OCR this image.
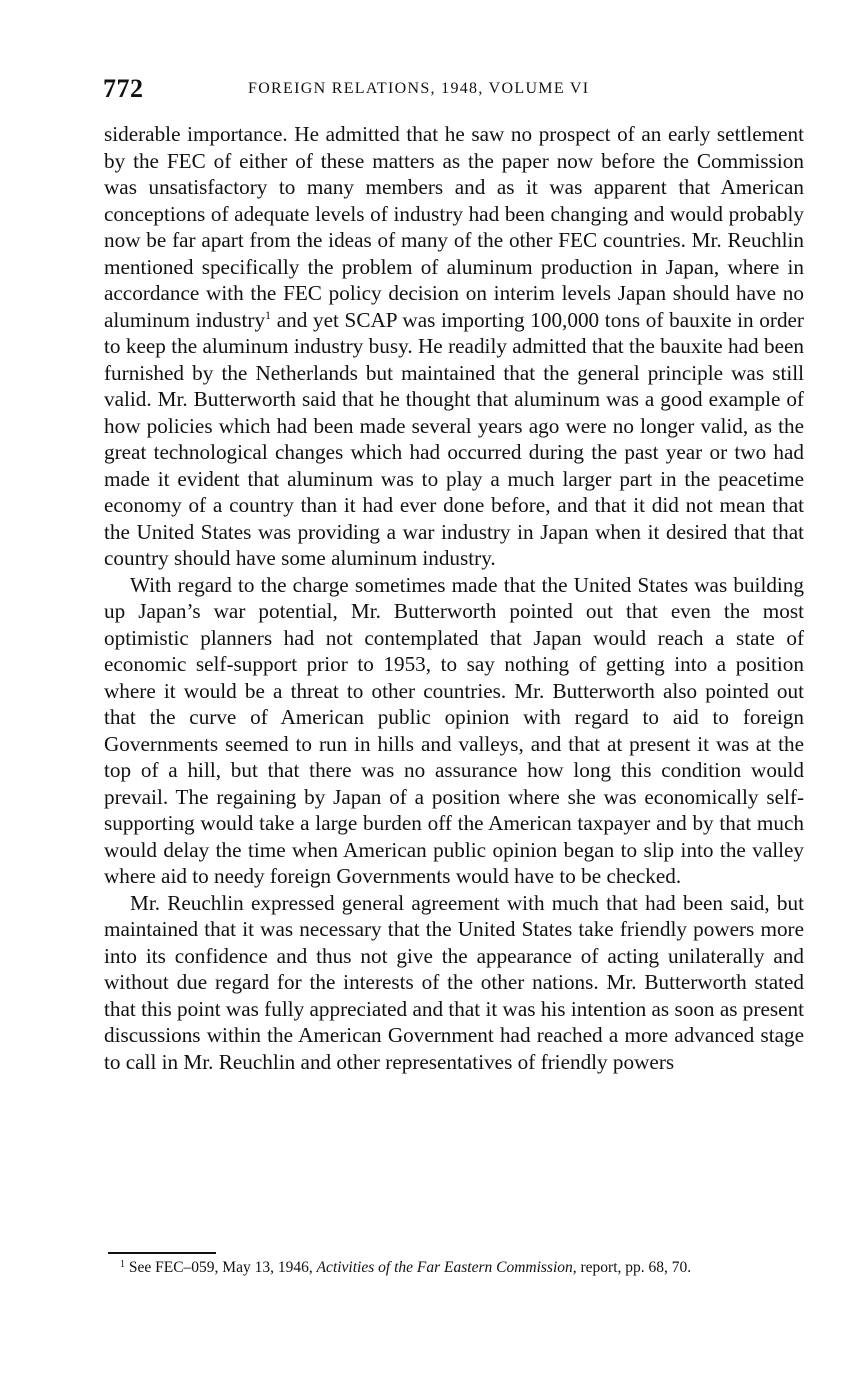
772	FOREIGN RELATIONS, 1948, VOLUME VI

siderable importance. He admitted that he saw no prospect of an early settlement by the FEC of either of these matters as the paper now before the Commission was unsatisfactory to many members and as it was apparent that American conceptions of adequate levels of industry had been changing and would probably now be far apart from the ideas of many of the other FEC countries. Mr. Reuchlin mentioned specifically the problem of aluminum production in Japan, where in accordance with the FEC policy decision on interim levels Japan should have no aluminum industry$^1$ and yet SCAP was importing 100,000 tons of bauxite in order to keep the aluminum industry busy. He readily admitted that the bauxite had been furnished by the Netherlands but maintained that the general principle was still valid. Mr. Butterworth said that he thought that aluminum was a good example of how policies which had been made several years ago were no longer valid, as the great technological changes which had occurred during the past year or two had made it evident that aluminum was to play a much larger part in the peacetime economy of a country than it had ever done before, and that it did not mean that the United States was providing a war industry in Japan when it desired that that country should have some aluminum industry.

With regard to the charge sometimes made that the United States was building up Japan’s war potential, Mr. Butterworth pointed out that even the most optimistic planners had not contemplated that Japan would reach a state of economic self-support prior to 1953, to say nothing of getting into a position where it would be a threat to other countries. Mr. Butterworth also pointed out that the curve of American public opinion with regard to aid to foreign Governments seemed to run in hills and valleys, and that at present it was at the top of a hill, but that there was no assurance how long this condition would prevail. The regaining by Japan of a position where she was economically self-supporting would take a large burden off the American taxpayer and by that much would delay the time when American public opinion began to slip into the valley where aid to needy foreign Governments would have to be checked.

Mr. Reuchlin expressed general agreement with much that had been said, but maintained that it was necessary that the United States take friendly powers more into its confidence and thus not give the appearance of acting unilaterally and without due regard for the interests of the other nations. Mr. Butterworth stated that this point was fully appreciated and that it was his intention as soon as present discussions within the American Government had reached a more advanced stage to call in Mr. Reuchlin and other representatives of friendly powers

$^1$ See FEC–059, May 13, 1946, Activities of the Far Eastern Commission, report, pp. 68, 70.
